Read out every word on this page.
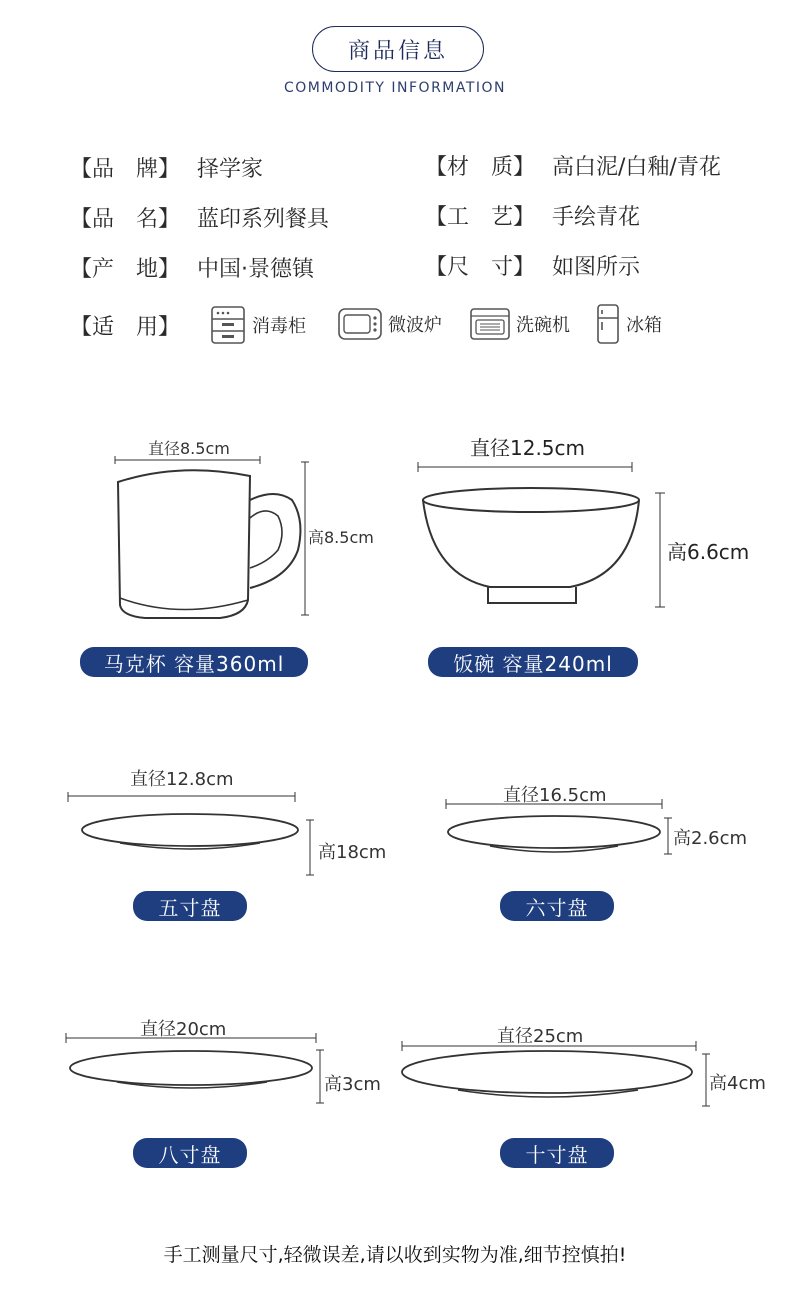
商品信息
COMMODITY INFORMATION
【品　牌】 择学家
【品　名】 蓝印系列餐具
【产　地】 中国·景德镇
【材　质】 高白泥/白釉/青花
【工　艺】 手绘青花
【尺　寸】 如图所示
【适　用】	消毒柜	微波炉	洗碗机	冰箱
直径8.5cm
高8.5cm
马克杯 容量360ml
直径12.5cm
高6.6cm
饭碗 容量240ml
直径12.8cm
高18cm
五寸盘
直径16.5cm
高2.6cm
六寸盘
直径20cm
高3cm
八寸盘
直径25cm
高4cm
十寸盘
手工测量尺寸,轻微误差,请以收到实物为准,细节控慎拍!
